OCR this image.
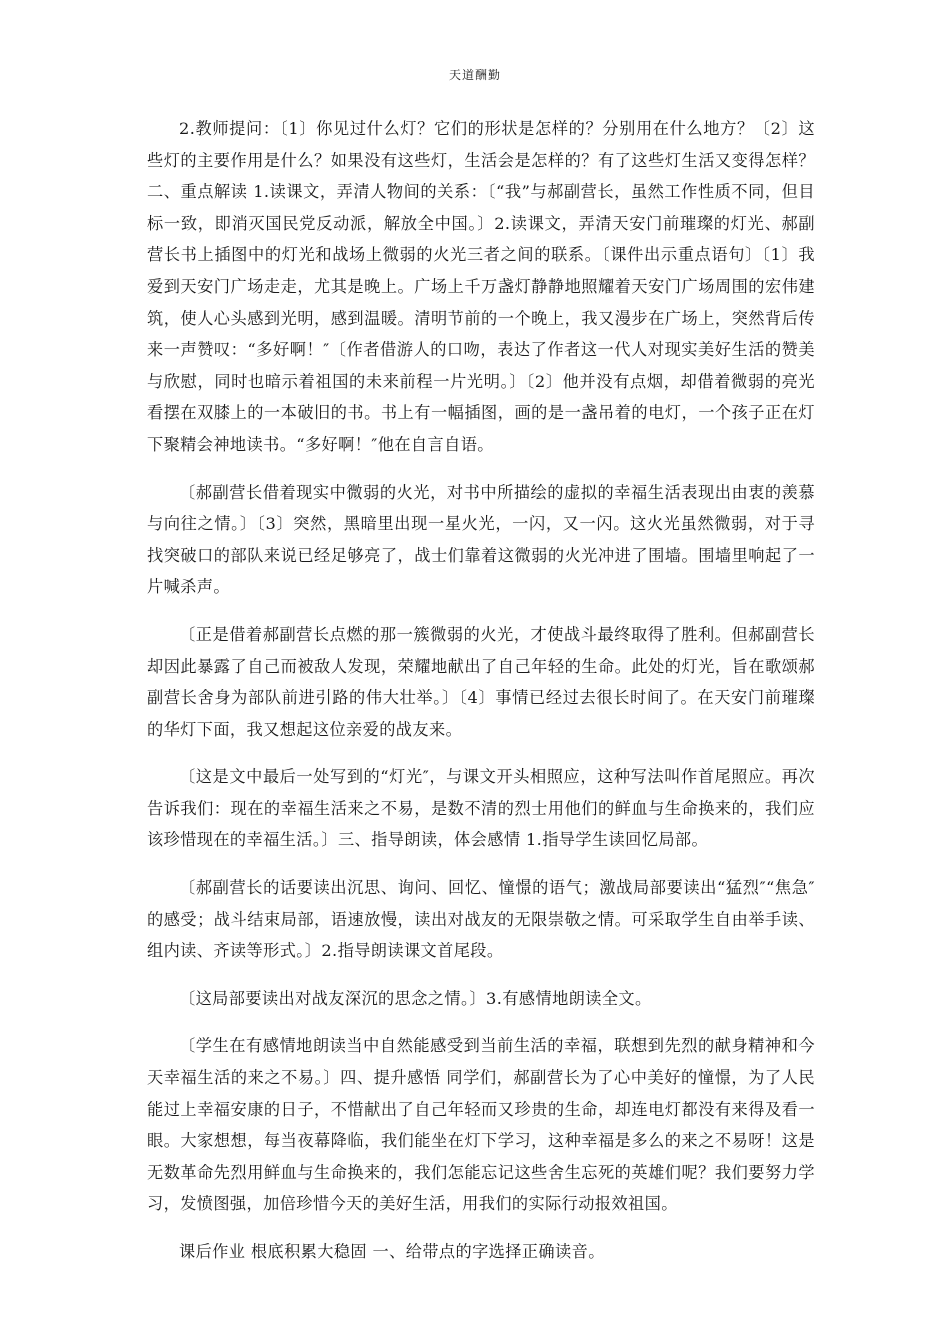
天道酬勤

2.教师提问：〔1〕你见过什么灯？它们的形状是怎样的？分别用在什么地方？〔2〕这些灯的主要作用是什么？如果没有这些灯，生活会是怎样的？有了这些灯生活又变得怎样？ 二、重点解读 1.读课文，弄清人物间的关系：〔“我”与郝副营长，虽然工作性质不同，但目标一致，即消灭国民党反动派，解放全中国。〕2.读课文，弄清天安门前璀璨的灯光、郝副营长书上插图中的灯光和战场上微弱的火光三者之间的联系。〔课件出示重点语句〕〔1〕我爱到天安门广场走走，尤其是晚上。广场上千万盏灯静静地照耀着天安门广场周围的宏伟建筑，使人心头感到光明，感到温暖。清明节前的一个晚上，我又漫步在广场上，突然背后传来一声赞叹：“多好啊！″〔作者借游人的口吻，表达了作者这一代人对现实美好生活的赞美与欣慰，同时也暗示着祖国的未来前程一片光明。〕〔2〕他并没有点烟，却借着微弱的亮光看摆在双膝上的一本破旧的书。书上有一幅插图，画的是一盏吊着的电灯，一个孩子正在灯下聚精会神地读书。“多好啊！″他在自言自语。

〔郝副营长借着现实中微弱的火光，对书中所描绘的虚拟的幸福生活表现出由衷的羡慕与向往之情。〕〔3〕突然，黑暗里出现一星火光，一闪，又一闪。这火光虽然微弱，对于寻找突破口的部队来说已经足够亮了，战士们靠着这微弱的火光冲进了围墙。围墙里响起了一片喊杀声。

〔正是借着郝副营长点燃的那一簇微弱的火光，才使战斗最终取得了胜利。但郝副营长却因此暴露了自己而被敌人发现，荣耀地献出了自己年轻的生命。此处的灯光，旨在歌颂郝副营长舍身为部队前进引路的伟大壮举。〕〔4〕事情已经过去很长时间了。在天安门前璀璨的华灯下面，我又想起这位亲爱的战友来。

〔这是文中最后一处写到的“灯光″，与课文开头相照应，这种写法叫作首尾照应。再次告诉我们：现在的幸福生活来之不易，是数不清的烈士用他们的鲜血与生命换来的，我们应该珍惜现在的幸福生活。〕三、指导朗读，体会感情 1.指导学生读回忆局部。

〔郝副营长的话要读出沉思、询问、回忆、憧憬的语气；激战局部要读出“猛烈″“焦急″的感受；战斗结束局部，语速放慢，读出对战友的无限崇敬之情。可采取学生自由举手读、组内读、齐读等形式。〕2.指导朗读课文首尾段。

〔这局部要读出对战友深沉的思念之情。〕3.有感情地朗读全文。

〔学生在有感情地朗读当中自然能感受到当前生活的幸福，联想到先烈的献身精神和今天幸福生活的来之不易。〕四、提升感悟 同学们，郝副营长为了心中美好的憧憬，为了人民能过上幸福安康的日子，不惜献出了自己年轻而又珍贵的生命，却连电灯都没有来得及看一眼。大家想想，每当夜幕降临，我们能坐在灯下学习，这种幸福是多么的来之不易呀！这是无数革命先烈用鲜血与生命换来的，我们怎能忘记这些舍生忘死的英雄们呢？我们要努力学习，发愤图强，加倍珍惜今天的美好生活，用我们的实际行动报效祖国。

课后作业 根底积累大稳固 一、给带点的字选择正确读音。
